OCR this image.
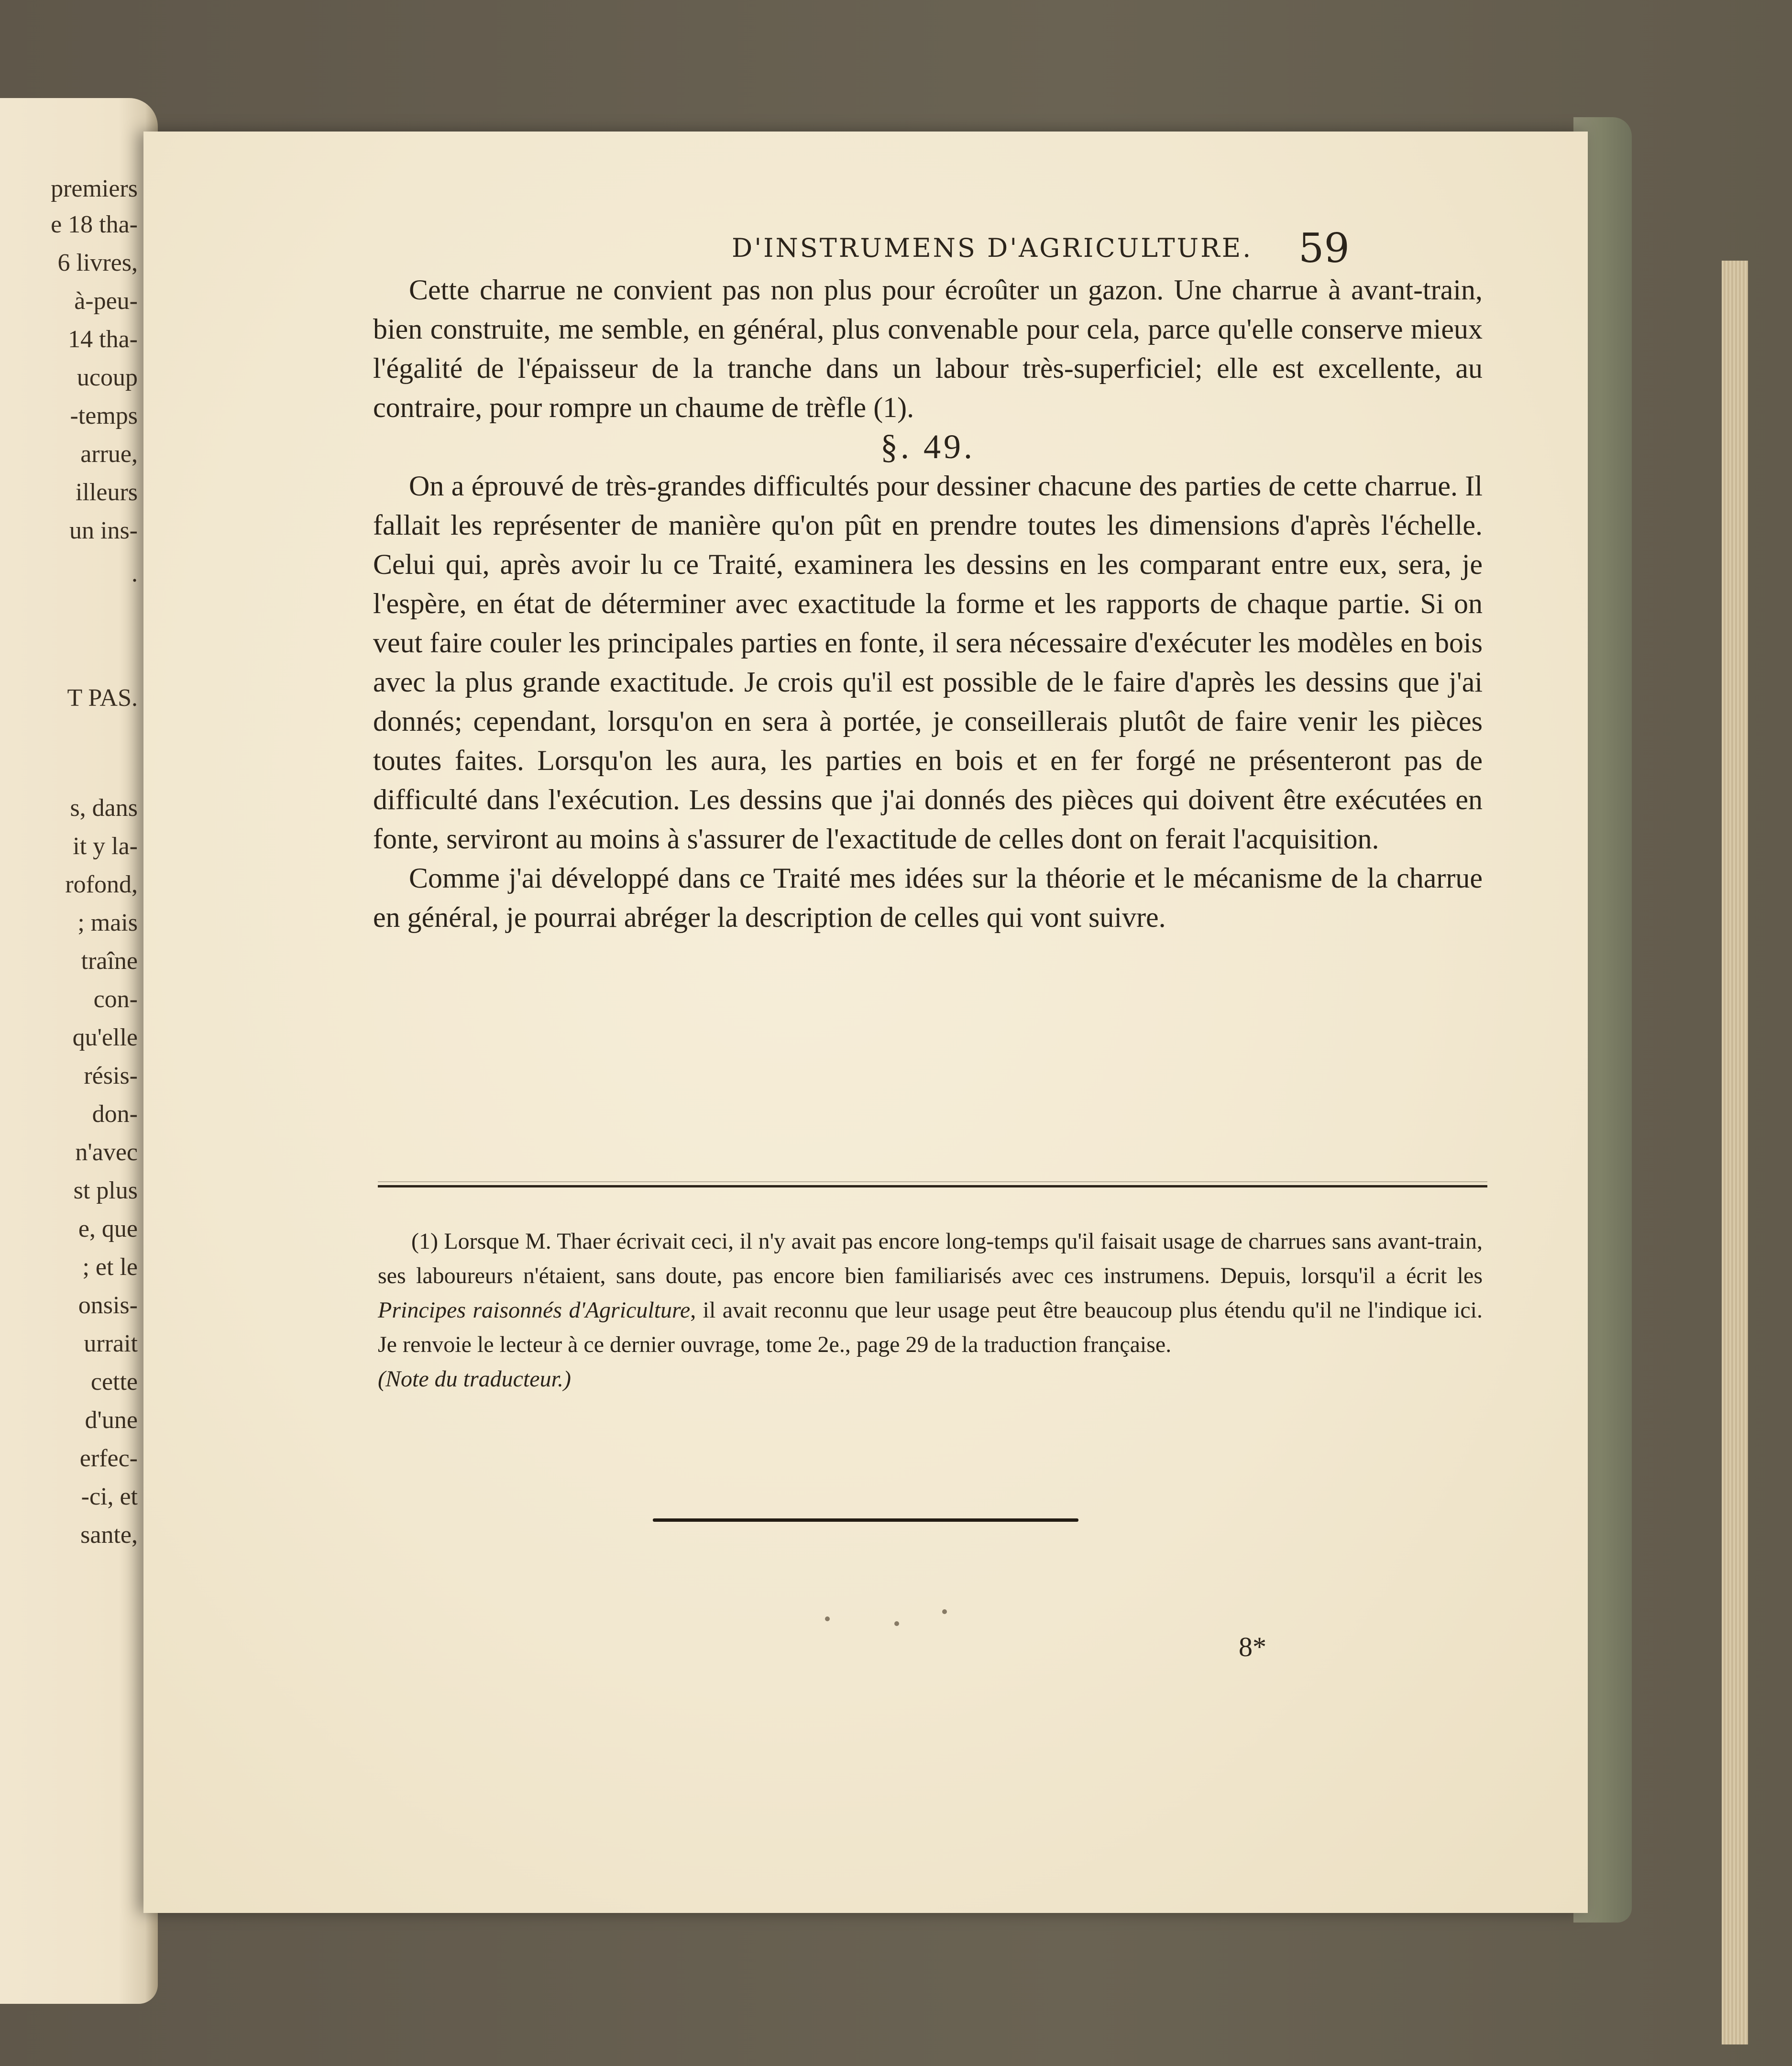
premiers
e 18 tha-
6 livres,
à-peu-
14 tha-
ucoup
-temps
arrue,
illeurs
un ins-
.
T PAS.
s, dans
it y la-
rofond,
; mais
traîne
con-
qu'elle
résis-
don-
n'avec
st plus
e, que
; et le
onsis-
urrait
cette
d'une
erfec-
-ci, et
sante,
D'INSTRUMENS D'AGRICULTURE. 59

Cette charrue ne convient pas non plus pour écroûter un gazon. Une charrue à avant-train, bien construite, me semble, en général, plus convenable pour cela, parce qu'elle conserve mieux l'égalité de l'épaisseur de la tranche dans un labour très-superficiel; elle est excellente, au contraire, pour rompre un chaume de trèfle (1).

§. 49.

On a éprouvé de très-grandes difficultés pour dessiner chacune des parties de cette charrue. Il fallait les représenter de manière qu'on pût en prendre toutes les dimensions d'après l'échelle. Celui qui, après avoir lu ce Traité, examinera les dessins en les comparant entre eux, sera, je l'espère, en état de déterminer avec exactitude la forme et les rapports de chaque partie. Si on veut faire couler les principales parties en fonte, il sera nécessaire d'exécuter les modèles en bois avec la plus grande exactitude. Je crois qu'il est possible de le faire d'après les dessins que j'ai donnés; cependant, lorsqu'on en sera à portée, je conseillerais plutôt de faire venir les pièces toutes faites. Lorsqu'on les aura, les parties en bois et en fer forgé ne présenteront pas de difficulté dans l'exécution. Les dessins que j'ai donnés des pièces qui doivent être exécutées en fonte, serviront au moins à s'assurer de l'exactitude de celles dont on ferait l'acquisition.

Comme j'ai développé dans ce Traité mes idées sur la théorie et le mécanisme de la charrue en général, je pourrai abréger la description de celles qui vont suivre.

(1) Lorsque M. Thaer écrivait ceci, il n'y avait pas encore long-temps qu'il faisait usage de charrues sans avant-train, ses laboureurs n'étaient, sans doute, pas encore bien familiarisés avec ces instrumens. Depuis, lorsqu'il a écrit les Principes raisonnés d'Agriculture, il avait reconnu que leur usage peut être beaucoup plus étendu qu'il ne l'indique ici. Je renvoie le lecteur à ce dernier ouvrage, tome 2e., page 29 de la traduction française.
(Note du traducteur.)

8*
